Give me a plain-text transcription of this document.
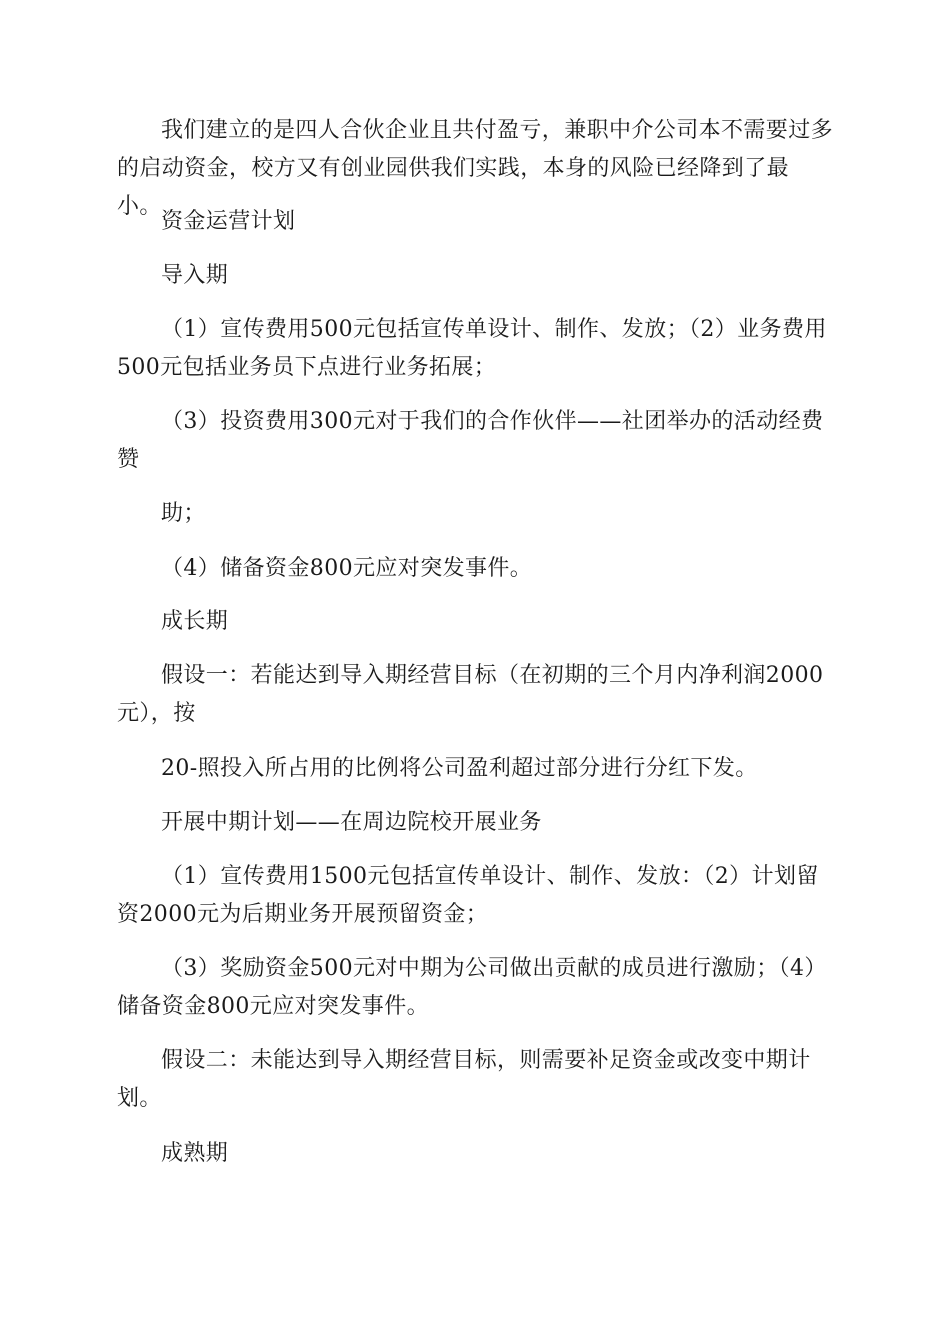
我们建立的是四人合伙企业且共付盈亏，兼职中介公司本不需要过多的启动资金，校方又有创业园供我们实践，本身的风险已经降到了最小。

资金运营计划

导入期

（1）宣传费用500元包括宣传单设计、制作、发放；（2）业务费用500元包括业务员下点进行业务拓展；

（3）投资费用300元对于我们的合作伙伴——社团举办的活动经费赞

助；

（4）储备资金800元应对突发事件。

成长期

假设一：若能达到导入期经营目标（在初期的三个月内净利润2000元），按

20-照投入所占用的比例将公司盈利超过部分进行分红下发。

开展中期计划——在周边院校开展业务

（1）宣传费用1500元包括宣传单设计、制作、发放：（2）计划留资2000元为后期业务开展预留资金；

（3）奖励资金500元对中期为公司做出贡献的成员进行激励；（4）储备资金800元应对突发事件。

假设二：未能达到导入期经营目标，则需要补足资金或改变中期计划。

成熟期
